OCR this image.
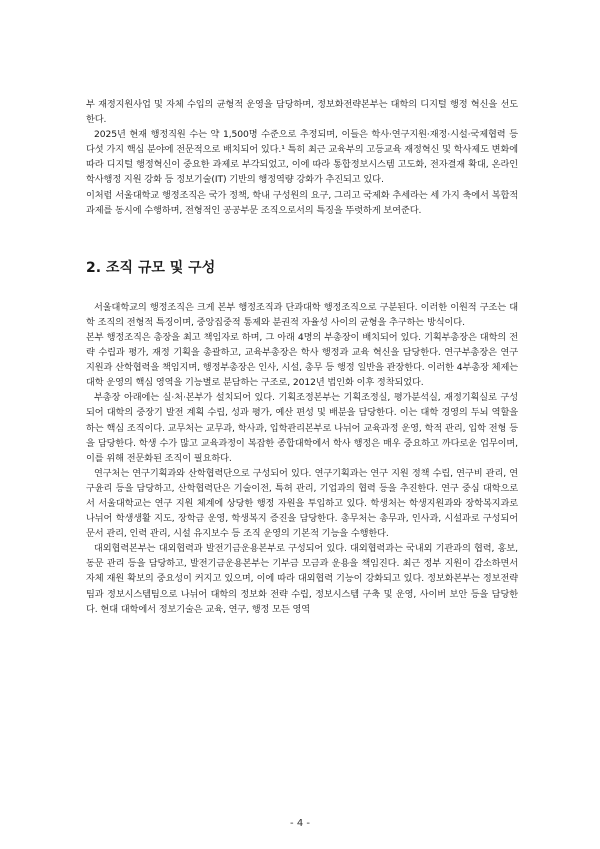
부 재정지원사업 및 자체 수입의 균형적 운영을 담당하며, 정보화전략본부는 대학의 디지털 행정 혁신을 선도한다.

2025년 현재 행정직원 수는 약 1,500명 수준으로 추정되며, 이들은 학사·연구지원·재정·시설·국제협력 등 다섯 가지 핵심 분야에 전문적으로 배치되어 있다.¹ 특히 최근 교육부의 고등교육 재정혁신 및 학사제도 변화에 따라 디지털 행정혁신이 중요한 과제로 부각되었고, 이에 따라 통합정보시스템 고도화, 전자결재 확대, 온라인 학사행정 지원 강화 등 정보기술(IT) 기반의 행정역량 강화가 추진되고 있다.

이처럼 서울대학교 행정조직은 국가 정책, 학내 구성원의 요구, 그리고 국제화 추세라는 세 가지 축에서 복합적 과제를 동시에 수행하며, 전형적인 공공부문 조직으로서의 특징을 뚜렷하게 보여준다.

2. 조직 규모 및 구성

서울대학교의 행정조직은 크게 본부 행정조직과 단과대학 행정조직으로 구분된다. 이러한 이원적 구조는 대학 조직의 전형적 특징이며, 중앙집중적 통제와 분권적 자율성 사이의 균형을 추구하는 방식이다.

본부 행정조직은 총장을 최고 책임자로 하며, 그 아래 4명의 부총장이 배치되어 있다. 기획부총장은 대학의 전략 수립과 평가, 재정 기획을 총괄하고, 교육부총장은 학사 행정과 교육 혁신을 담당한다. 연구부총장은 연구 지원과 산학협력을 책임지며, 행정부총장은 인사, 시설, 총무 등 행정 일반을 관장한다. 이러한 4부총장 체제는 대학 운영의 핵심 영역을 기능별로 분담하는 구조로, 2012년 법인화 이후 정착되었다.

부총장 아래에는 실·처·본부가 설치되어 있다. 기획조정본부는 기획조정실, 평가분석실, 재정기획실로 구성되어 대학의 중장기 발전 계획 수립, 성과 평가, 예산 편성 및 배분을 담당한다. 이는 대학 경영의 두뇌 역할을 하는 핵심 조직이다. 교무처는 교무과, 학사과, 입학관리본부로 나뉘어 교육과정 운영, 학적 관리, 입학 전형 등을 담당한다. 학생 수가 많고 교육과정이 복잡한 종합대학에서 학사 행정은 매우 중요하고 까다로운 업무이며, 이를 위해 전문화된 조직이 필요하다.

연구처는 연구기획과와 산학협력단으로 구성되어 있다. 연구기획과는 연구 지원 정책 수립, 연구비 관리, 연구윤리 등을 담당하고, 산학협력단은 기술이전, 특허 관리, 기업과의 협력 등을 추진한다. 연구 중심 대학으로서 서울대학교는 연구 지원 체계에 상당한 행정 자원을 투입하고 있다. 학생처는 학생지원과와 장학복지과로 나뉘어 학생생활 지도, 장학금 운영, 학생복지 증진을 담당한다. 총무처는 총무과, 인사과, 시설과로 구성되어 문서 관리, 인력 관리, 시설 유지보수 등 조직 운영의 기본적 기능을 수행한다.

대외협력본부는 대외협력과 발전기금운용본부로 구성되어 있다. 대외협력과는 국내외 기관과의 협력, 홍보, 동문 관리 등을 담당하고, 발전기금운용본부는 기부금 모금과 운용을 책임진다. 최근 정부 지원이 감소하면서 자체 재원 확보의 중요성이 커지고 있으며, 이에 따라 대외협력 기능이 강화되고 있다. 정보화본부는 정보전략팀과 정보시스템팀으로 나뉘어 대학의 정보화 전략 수립, 정보시스템 구축 및 운영, 사이버 보안 등을 담당한다. 현대 대학에서 정보기술은 교육, 연구, 행정 모든 영역

- 4 -
